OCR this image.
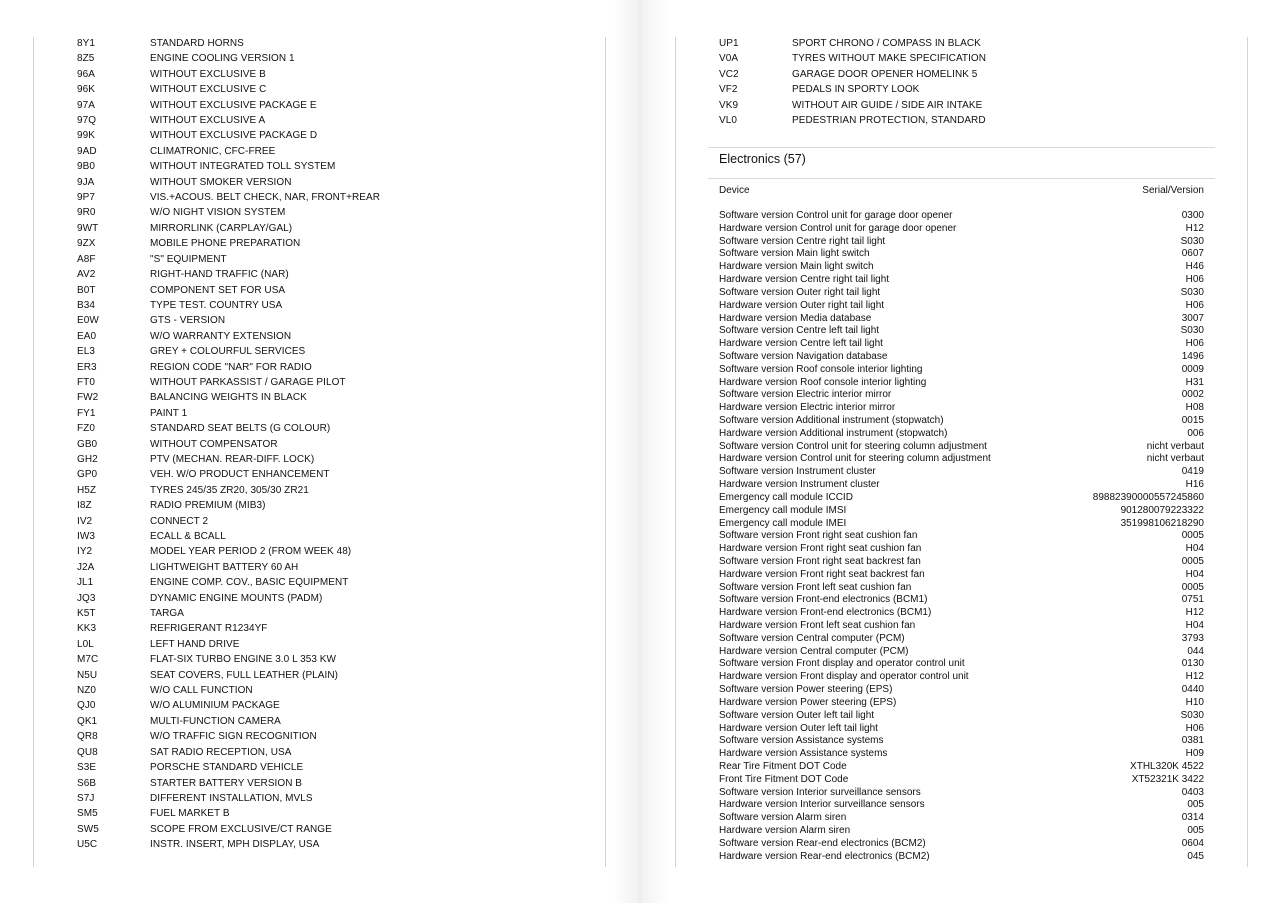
8Y1	STANDARD HORNS
8Z5	ENGINE COOLING VERSION 1
96A	WITHOUT EXCLUSIVE B
96K	WITHOUT EXCLUSIVE C
97A	WITHOUT EXCLUSIVE PACKAGE E
97Q	WITHOUT EXCLUSIVE A
99K	WITHOUT EXCLUSIVE PACKAGE D
9AD	CLIMATRONIC, CFC-FREE
9B0	WITHOUT INTEGRATED TOLL SYSTEM
9JA	WITHOUT SMOKER VERSION
9P7	VIS.+ACOUS. BELT CHECK, NAR, FRONT+REAR
9R0	W/O NIGHT VISION SYSTEM
9WT	MIRRORLINK (CARPLAY/GAL)
9ZX	MOBILE PHONE PREPARATION
A8F	"S" EQUIPMENT
AV2	RIGHT-HAND TRAFFIC (NAR)
B0T	COMPONENT SET FOR USA
B34	TYPE TEST. COUNTRY USA
E0W	GTS - VERSION
EA0	W/O WARRANTY EXTENSION
EL3	GREY + COLOURFUL SERVICES
ER3	REGION CODE "NAR" FOR RADIO
FT0	WITHOUT PARKASSIST / GARAGE PILOT
FW2	BALANCING WEIGHTS IN BLACK
FY1	PAINT 1
FZ0	STANDARD SEAT BELTS (G COLOUR)
GB0	WITHOUT COMPENSATOR
GH2	PTV (MECHAN. REAR-DIFF. LOCK)
GP0	VEH. W/O PRODUCT ENHANCEMENT
H5Z	TYRES 245/35 ZR20, 305/30 ZR21
I8Z	RADIO PREMIUM (MIB3)
IV2	CONNECT 2
IW3	ECALL & BCALL
IY2	MODEL YEAR PERIOD 2 (FROM WEEK 48)
J2A	LIGHTWEIGHT BATTERY 60 AH
JL1	ENGINE COMP. COV., BASIC EQUIPMENT
JQ3	DYNAMIC ENGINE MOUNTS (PADM)
K5T	TARGA
KK3	REFRIGERANT R1234YF
L0L	LEFT HAND DRIVE
M7C	FLAT-SIX TURBO ENGINE 3.0 L 353 KW
N5U	SEAT COVERS, FULL LEATHER (PLAIN)
NZ0	W/O CALL FUNCTION
QJ0	W/O ALUMINIUM PACKAGE
QK1	MULTI-FUNCTION CAMERA
QR8	W/O TRAFFIC SIGN RECOGNITION
QU8	SAT RADIO RECEPTION, USA
S3E	PORSCHE STANDARD VEHICLE
S6B	STARTER BATTERY VERSION B
S7J	DIFFERENT INSTALLATION, MVLS
SM5	FUEL MARKET B
SW5	SCOPE FROM EXCLUSIVE/CT RANGE
U5C	INSTR. INSERT, MPH DISPLAY, USA
UP1	SPORT CHRONO / COMPASS IN BLACK
V0A	TYRES WITHOUT MAKE SPECIFICATION
VC2	GARAGE DOOR OPENER HOMELINK 5
VF2	PEDALS IN SPORTY LOOK
VK9	WITHOUT AIR GUIDE / SIDE AIR INTAKE
VL0	PEDESTRIAN PROTECTION, STANDARD
Electronics (57)
Device	Serial/Version
Software version Control unit for garage door opener	0300
Hardware version Control unit for garage door opener	H12
Software version Centre right tail light	S030
Software version Main light switch	0607
Hardware version Main light switch	H46
Hardware version Centre right tail light	H06
Software version Outer right tail light	S030
Hardware version Outer right tail light	H06
Hardware version Media database	3007
Software version Centre left tail light	S030
Hardware version Centre left tail light	H06
Software version Navigation database	1496
Software version Roof console interior lighting	0009
Hardware version Roof console interior lighting	H31
Software version Electric interior mirror	0002
Hardware version Electric interior mirror	H08
Software version Additional instrument (stopwatch)	0015
Hardware version Additional instrument (stopwatch)	006
Software version Control unit for steering column adjustment	nicht verbaut
Hardware version Control unit for steering column adjustment	nicht verbaut
Software version Instrument cluster	0419
Hardware version Instrument cluster	H16
Emergency call module ICCID	89882390000557245860
Emergency call module IMSI	901280079223322
Emergency call module IMEI	351998106218290
Software version Front right seat cushion fan	0005
Hardware version Front right seat cushion fan	H04
Software version Front right seat backrest fan	0005
Hardware version Front right seat backrest fan	H04
Software version Front left seat cushion fan	0005
Software version Front-end electronics (BCM1)	0751
Hardware version Front-end electronics (BCM1)	H12
Hardware version Front left seat cushion fan	H04
Software version Central computer (PCM)	3793
Hardware version Central computer (PCM)	044
Software version Front display and operator control unit	0130
Hardware version Front display and operator control unit	H12
Software version Power steering (EPS)	0440
Hardware version Power steering (EPS)	H10
Software version Outer left tail light	S030
Hardware version Outer left tail light	H06
Software version Assistance systems	0381
Hardware version Assistance systems	H09
Rear Tire Fitment DOT Code	XTHL320K 4522
Front Tire Fitment DOT Code	XT52321K 3422
Software version Interior surveillance sensors	0403
Hardware version Interior surveillance sensors	005
Software version Alarm siren	0314
Hardware version Alarm siren	005
Software version Rear-end electronics (BCM2)	0604
Hardware version Rear-end electronics (BCM2)	045
